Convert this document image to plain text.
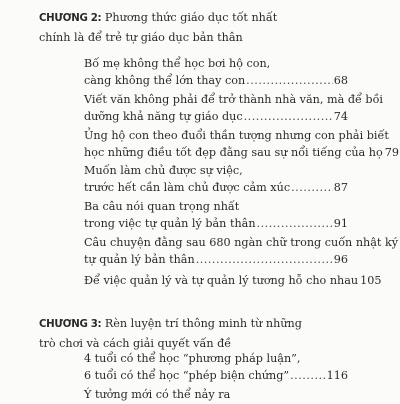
CHƯƠNG 2: Phương thức giáo dục tốt nhất
chính là để trẻ tự giáo dục bản thân
Bố mẹ không thể học bơi hộ con,
càng không thể lớn thay con .....	68
Viết văn không phải để trở thành nhà văn, mà để bồi
dưỡng khả năng tự giáo dục .....	74
Ủng hộ con theo đuổi thần tượng nhưng con phải biết
học những điều tốt đẹp đằng sau sự nổi tiếng của họ 79
Muốn làm chủ được sự việc,
trước hết cần làm chủ được cảm xúc .....	87
Ba câu nói quan trọng nhất
trong việc tự quản lý bản thân .....	91
Câu chuyện đằng sau 680 ngàn chữ trong cuốn nhật ký
tự quản lý bản thân .....	96
Để việc quản lý và tự quản lý tương hỗ cho nhau 105
CHƯƠNG 3: Rèn luyện trí thông minh từ những
trò chơi và cách giải quyết vấn đề
4 tuổi có thể học “phương pháp luận”,
6 tuổi có thể học “phép biện chứng” .....	116
Ý tưởng mới có thể nảy ra
